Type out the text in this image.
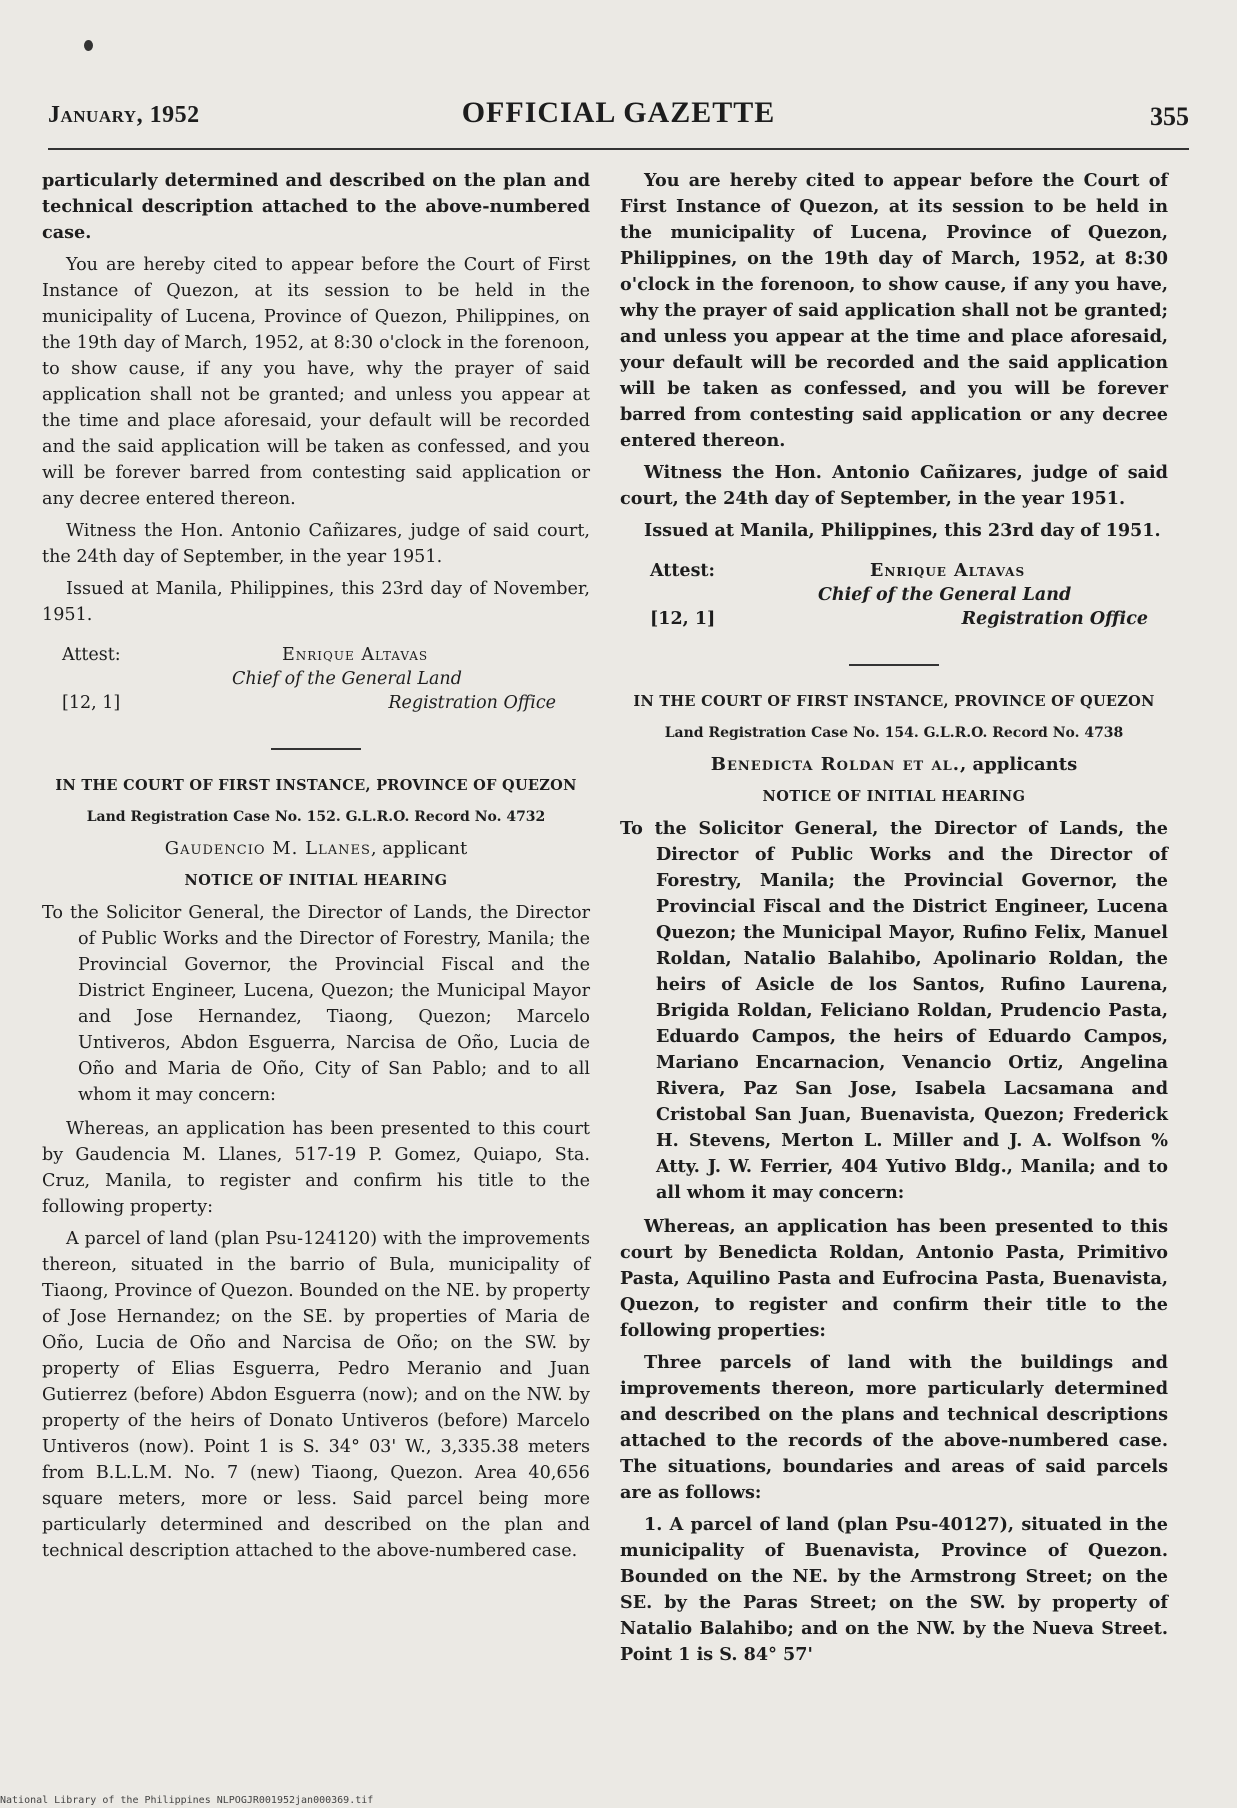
January, 1952	OFFICIAL GAZETTE	355

particularly determined and described on the plan and technical description attached to the above-numbered case.

You are hereby cited to appear before the Court of First Instance of Quezon, at its session to be held in the municipality of Lucena, Province of Quezon, Philippines, on the 19th day of March, 1952, at 8:30 o'clock in the forenoon, to show cause, if any you have, why the prayer of said application shall not be granted; and unless you appear at the time and place aforesaid, your default will be recorded and the said application will be taken as confessed, and you will be forever barred from contesting said application or any decree entered thereon.

Witness the Hon. Antonio Cañizares, judge of said court, the 24th day of September, in the year 1951.

Issued at Manila, Philippines, this 23rd day of November, 1951.

Attest:	Enrique Altavas
Chief of the General Land
[12, 1]	Registration Office
IN THE COURT OF FIRST INSTANCE, PROVINCE OF QUEZON
Land Registration Case No. 152. G.L.R.O. Record No. 4732
Gaudencio M. Llanes, applicant
NOTICE OF INITIAL HEARING
To the Solicitor General, the Director of Lands, the Director of Public Works and the Director of Forestry, Manila; the Provincial Governor, the Provincial Fiscal and the District Engineer, Lucena, Quezon; the Municipal Mayor and Jose Hernandez, Tiaong, Quezon; Marcelo Untiveros, Abdon Esguerra, Narcisa de Oño, Lucia de Oño and Maria de Oño, City of San Pablo; and to all whom it may concern:

Whereas, an application has been presented to this court by Gaudencia M. Llanes, 517-19 P. Gomez, Quiapo, Sta. Cruz, Manila, to register and confirm his title to the following property:

A parcel of land (plan Psu-124120) with the improvements thereon, situated in the barrio of Bula, municipality of Tiaong, Province of Quezon. Bounded on the NE. by property of Jose Hernandez; on the SE. by properties of Maria de Oño, Lucia de Oño and Narcisa de Oño; on the SW. by property of Elias Esguerra, Pedro Meranio and Juan Gutierrez (before) Abdon Esguerra (now); and on the NW. by property of the heirs of Donato Untiveros (before) Marcelo Untiveros (now). Point 1 is S. 34° 03' W., 3,335.38 meters from B.L.L.M. No. 7 (new) Tiaong, Quezon. Area 40,656 square meters, more or less. Said parcel being more particularly determined and described on the plan and technical description attached to the above-numbered case.

You are hereby cited to appear before the Court of First Instance of Quezon, at its session to be held in the municipality of Lucena, Province of Quezon, Philippines, on the 19th day of March, 1952, at 8:30 o'clock in the forenoon, to show cause, if any you have, why the prayer of said application shall not be granted; and unless you appear at the time and place aforesaid, your default will be recorded and the said application will be taken as confessed, and you will be forever barred from contesting said application or any decree entered thereon.

Witness the Hon. Antonio Cañizares, judge of said court, the 24th day of September, in the year 1951.

Issued at Manila, Philippines, this 23rd day of 1951.

Attest:	Enrique Altavas
Chief of the General Land
[12, 1]	Registration Office
IN THE COURT OF FIRST INSTANCE, PROVINCE OF QUEZON
Land Registration Case No. 154. G.L.R.O. Record No. 4738
Benedicta Roldan et al., applicants
NOTICE OF INITIAL HEARING
To the Solicitor General, the Director of Lands, the Director of Public Works and the Director of Forestry, Manila; the Provincial Governor, the Provincial Fiscal and the District Engineer, Lucena Quezon; the Municipal Mayor, Rufino Felix, Manuel Roldan, Natalio Balahibo, Apolinario Roldan, the heirs of Asicle de los Santos, Rufino Laurena, Brigida Roldan, Feliciano Roldan, Prudencio Pasta, Eduardo Campos, the heirs of Eduardo Campos, Mariano Encarnacion, Venancio Ortiz, Angelina Rivera, Paz San Jose, Isabela Lacsamana and Cristobal San Juan, Buenavista, Quezon; Frederick H. Stevens, Merton L. Miller and J. A. Wolfson % Atty. J. W. Ferrier, 404 Yutivo Bldg., Manila; and to all whom it may concern:

Whereas, an application has been presented to this court by Benedicta Roldan, Antonio Pasta, Primitivo Pasta, Aquilino Pasta and Eufrocina Pasta, Buenavista, Quezon, to register and confirm their title to the following properties:

Three parcels of land with the buildings and improvements thereon, more particularly determined and described on the plans and technical descriptions attached to the records of the above-numbered case. The situations, boundaries and areas of said parcels are as follows:

1. A parcel of land (plan Psu-40127), situated in the municipality of Buenavista, Province of Quezon. Bounded on the NE. by the Armstrong Street; on the SE. by the Paras Street; on the SW. by property of Natalio Balahibo; and on the NW. by the Nueva Street. Point 1 is S. 84° 57'

National Library of the Philippines NLPOGJR001952jan000369.tif
